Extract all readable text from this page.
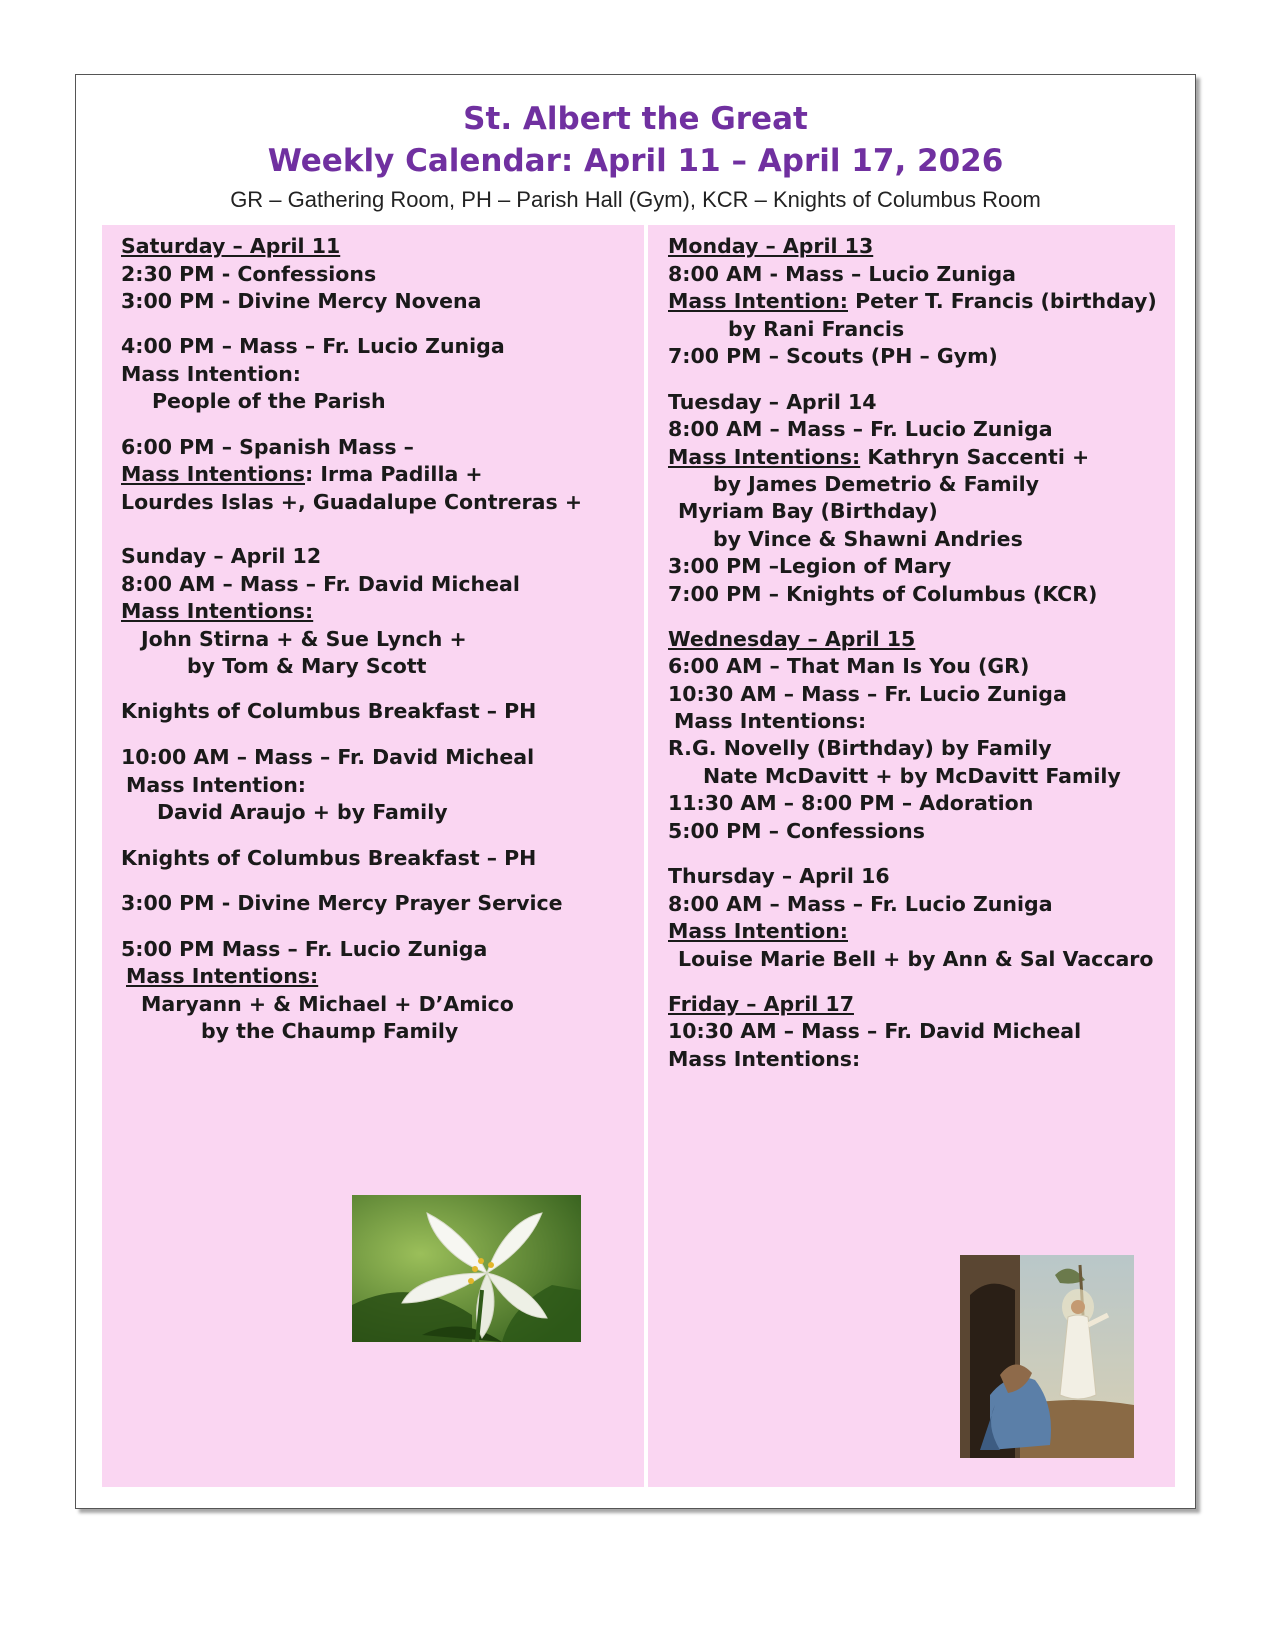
St. Albert the Great
Weekly Calendar: April 11 – April 17, 2026
GR – Gathering Room, PH – Parish Hall (Gym), KCR – Knights of Columbus Room
Saturday – April 11
2:30 PM - Confessions
3:00 PM - Divine Mercy Novena
4:00 PM – Mass – Fr. Lucio Zuniga
Mass Intention:
People of the Parish
6:00 PM – Spanish Mass –
Mass Intentions: Irma Padilla +
Lourdes Islas +, Guadalupe Contreras +
Sunday – April 12
8:00 AM – Mass – Fr. David Micheal
Mass Intentions:
John Stirna + & Sue Lynch +
by Tom & Mary Scott
Knights of Columbus Breakfast – PH
10:00 AM – Mass – Fr. David Micheal
Mass Intention:
David Araujo + by Family
Knights of Columbus Breakfast – PH
3:00 PM - Divine Mercy Prayer Service
5:00 PM Mass – Fr. Lucio Zuniga
Mass Intentions:
Maryann + & Michael + D’Amico
by the Chaump Family
Monday – April 13
8:00 AM - Mass – Lucio Zuniga
Mass Intention: Peter T. Francis (birthday)
by Rani Francis
7:00 PM – Scouts (PH – Gym)
Tuesday – April 14
8:00 AM – Mass – Fr. Lucio Zuniga
Mass Intentions: Kathryn Saccenti +
by James Demetrio & Family
Myriam Bay (Birthday)
by Vince & Shawni Andries
3:00 PM –Legion of Mary
7:00 PM – Knights of Columbus (KCR)
Wednesday – April 15
6:00 AM – That Man Is You (GR)
10:30 AM – Mass – Fr. Lucio Zuniga
Mass Intentions:
R.G. Novelly (Birthday) by Family
Nate McDavitt + by McDavitt Family
11:30 AM – 8:00 PM – Adoration
5:00 PM – Confessions
Thursday – April 16
8:00 AM – Mass – Fr. Lucio Zuniga
Mass Intention:
Louise Marie Bell + by Ann & Sal Vaccaro
Friday – April 17
10:30 AM – Mass – Fr. David Micheal
Mass Intentions:
